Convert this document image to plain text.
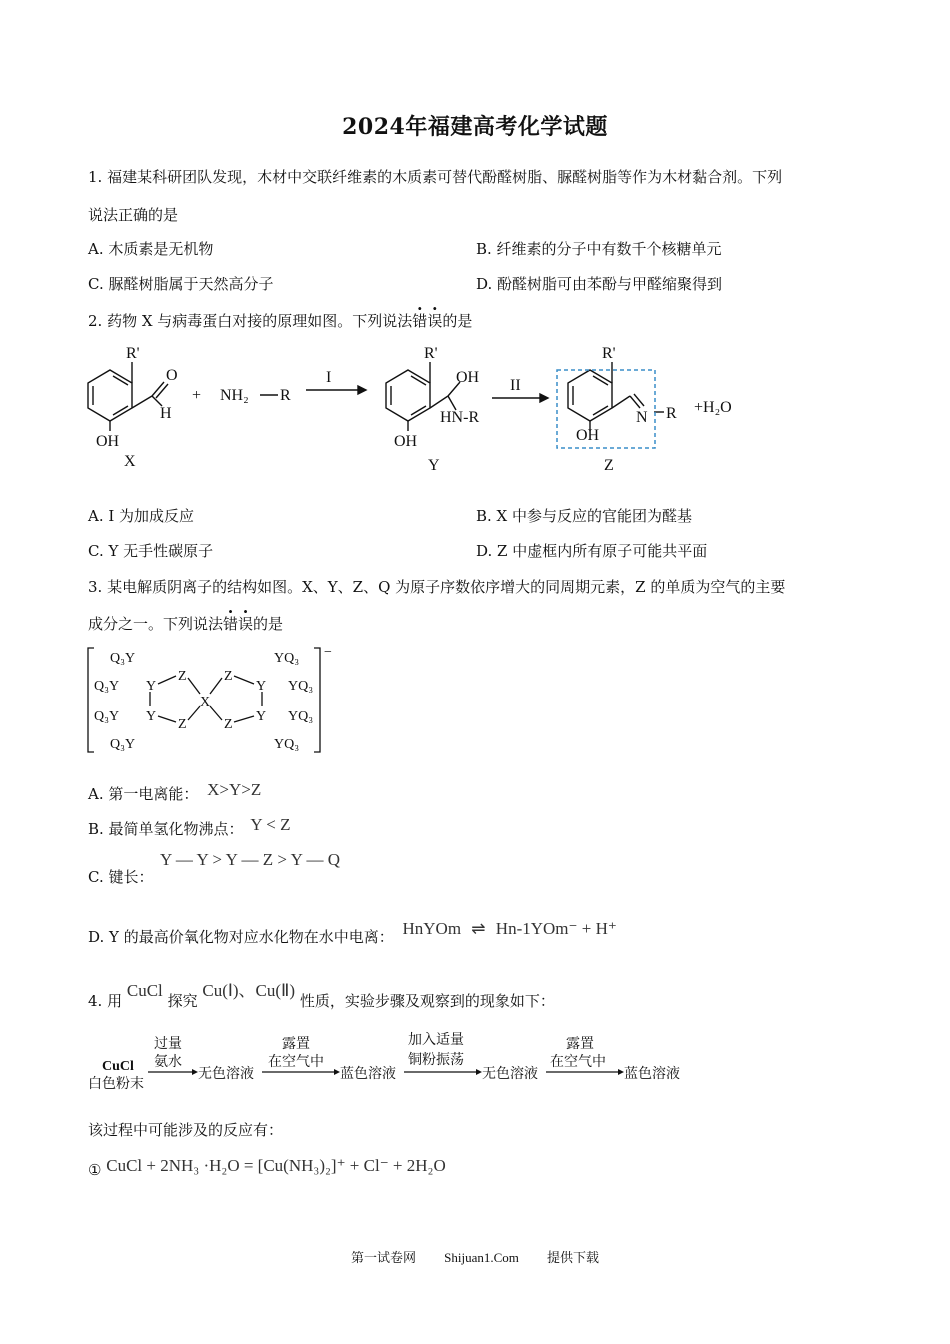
2024年福建高考化学试题
1. 福建某科研团队发现，木材中交联纤维素的木质素可替代酚醛树脂、脲醛树脂等作为木材黏合剂。下列
说法正确的是
A. 木质素是无机物	B. 纤维素的分子中有数千个核糖单元
C. 脲醛树脂属于天然高分子	D. 酚醛树脂可由苯酚与甲醛缩聚得到
2. 药物 X 与病毒蛋白对接的原理如图。下列说法错误的是
R'
O
H
OH
X
+ NH₂ R
I
R'
OH
HN-R
OH
Y
II
R'
N R
OH
Z
+H₂O
A. Ⅰ 为加成反应	B. X 中参与反应的官能团为醛基
C. Y 无手性碳原子	D. Z 中虚框内所有原子可能共平面
3. 某电解质阴离子的结构如图。X、Y、Z、Q 为原子序数依序增大的同周期元素，Z 的单质为空气的主要
成分之一。下列说法错误的是
−
Q₃Y
Q₃Y Y
Z
X
Z
Y
YQ₃
YQ₃
Q₃Y Y
Z	Z
Y YQ₃
Q₃Y	YQ₃
A. 第一电离能： X>Y>Z
B. 最简单氢化物沸点： Y < Z
C. 键长：
Y — Y > Y — Z > Y — Q
D. Y 的最高价氧化物对应水化物在水中电离： HnYOm ⇌ Hn-1YOm⁻ + H⁺
4. 用 CuCl 探究 Cu(Ⅰ)、Cu(Ⅱ) 性质，实验步骤及观察到的现象如下：
CuCl
白色粉末
过量
氨水
无色溶液
露置
在空气中
蓝色溶液
加入适量
铜粉振荡
无色溶液
露置
在空气中
蓝色溶液
该过程中可能涉及的反应有：
① CuCl + 2NH₃ ·H₂O = [Cu(NH₃)₂]⁺ + Cl⁻ + 2H₂O
第一试卷网 Shijuan1.Com 提供下载
